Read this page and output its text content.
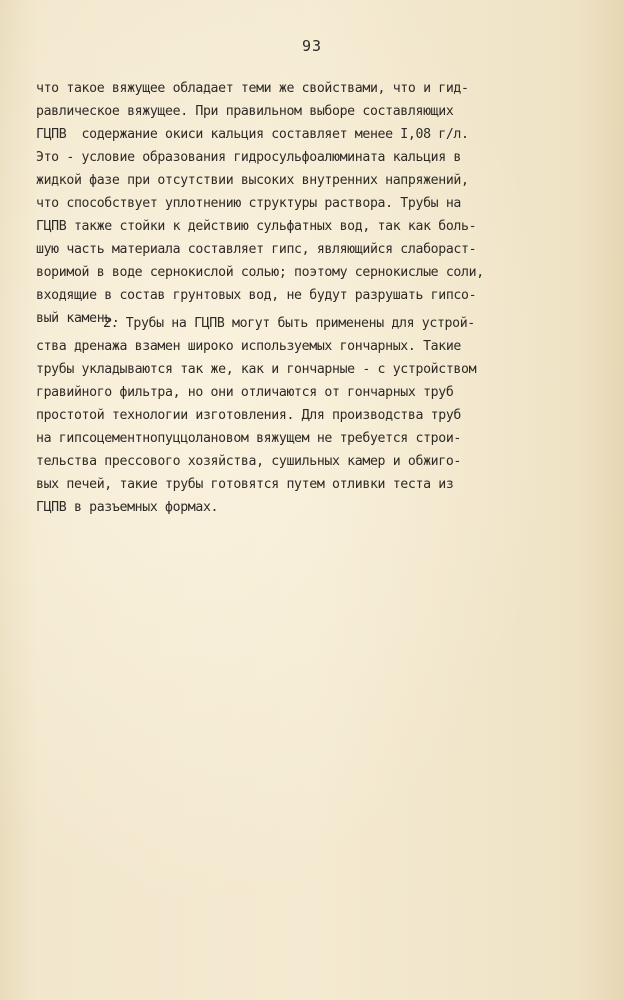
93
что такое вяжущее обладает теми же свойствами, что и гид-
равлическое вяжущее. При правильном выборе составляющих
ГЦПВ  содержание окиси кальция составляет менее I,08 г/л.
Это - условие образования гидросульфоалюмината кальция в
жидкой фазе при отсутствии высоких внутренних напряжений,
что способствует уплотнению структуры раствора. Трубы на
ГЦПВ также стойки к действию сульфатных вод, так как боль-
шую часть материала составляет гипс, являющийся слабораст-
воримой в воде сернокислой солью; поэтому сернокислые соли,
входящие в состав грунтовых вод, не будут разрушать гипсо-
вый камень.
2. Трубы на ГЦПВ могут быть применены для устрой-
ства дренажа взамен широко используемых гончарных. Такие
трубы укладываются так же, как и гончарные - с устройством
гравийного фильтра, но они отличаются от гончарных труб
простотой технологии изготовления. Для производства труб
на гипсоцементнопуццолановом вяжущем не требуется строи-
тельства прессового хозяйства, сушильных камер и обжиго-
вых печей, такие трубы готовятся путем отливки теста из
ГЦПВ в разъемных формах.
